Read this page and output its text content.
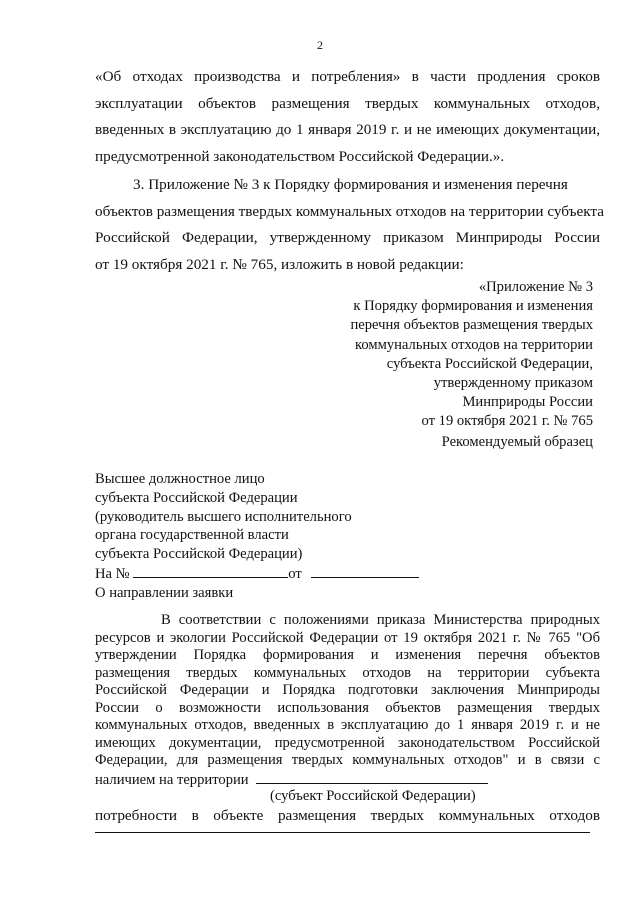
2
«Об отходах производства и потребления» в части продления сроков
эксплуатации объектов размещения твердых коммунальных отходов,
введенных в эксплуатацию до 1 января 2019 г. и не имеющих документации,
предусмотренной законодательством Российской Федерации.».
3. Приложение № 3 к Порядку формирования и изменения перечня
объектов размещения твердых коммунальных отходов на территории субъекта
Российской Федерации, утвержденному приказом Минприроды России
от 19 октября 2021 г. № 765, изложить в новой редакции:
«Приложение № 3
к Порядку формирования и изменения
перечня объектов размещения твердых
коммунальных отходов на территории
субъекта Российской Федерации,
утвержденному приказом
Минприроды России
от 19 октября 2021 г. № 765
Рекомендуемый образец
Высшее должностное лицо
субъекта Российской Федерации
(руководитель высшего исполнительного
органа государственной власти
субъекта Российской Федерации)
На №	от
О направлении заявки
В соответствии с положениями приказа Министерства природных
ресурсов и экологии Российской Федерации от 19 октября 2021 г. № 765 "Об
утверждении Порядка формирования и изменения перечня объектов
размещения твердых коммунальных отходов на территории субъекта
Российской Федерации и Порядка подготовки заключения Минприроды
России о возможности использования объектов размещения твердых
коммунальных отходов, введенных в эксплуатацию до 1 января 2019 г. и не
имеющих документации, предусмотренной законодательством Российской
Федерации, для размещения твердых коммунальных отходов" и в связи с
наличием на территории
(субъект Российской Федерации)
потребности в объекте размещения твердых коммунальных отходов
